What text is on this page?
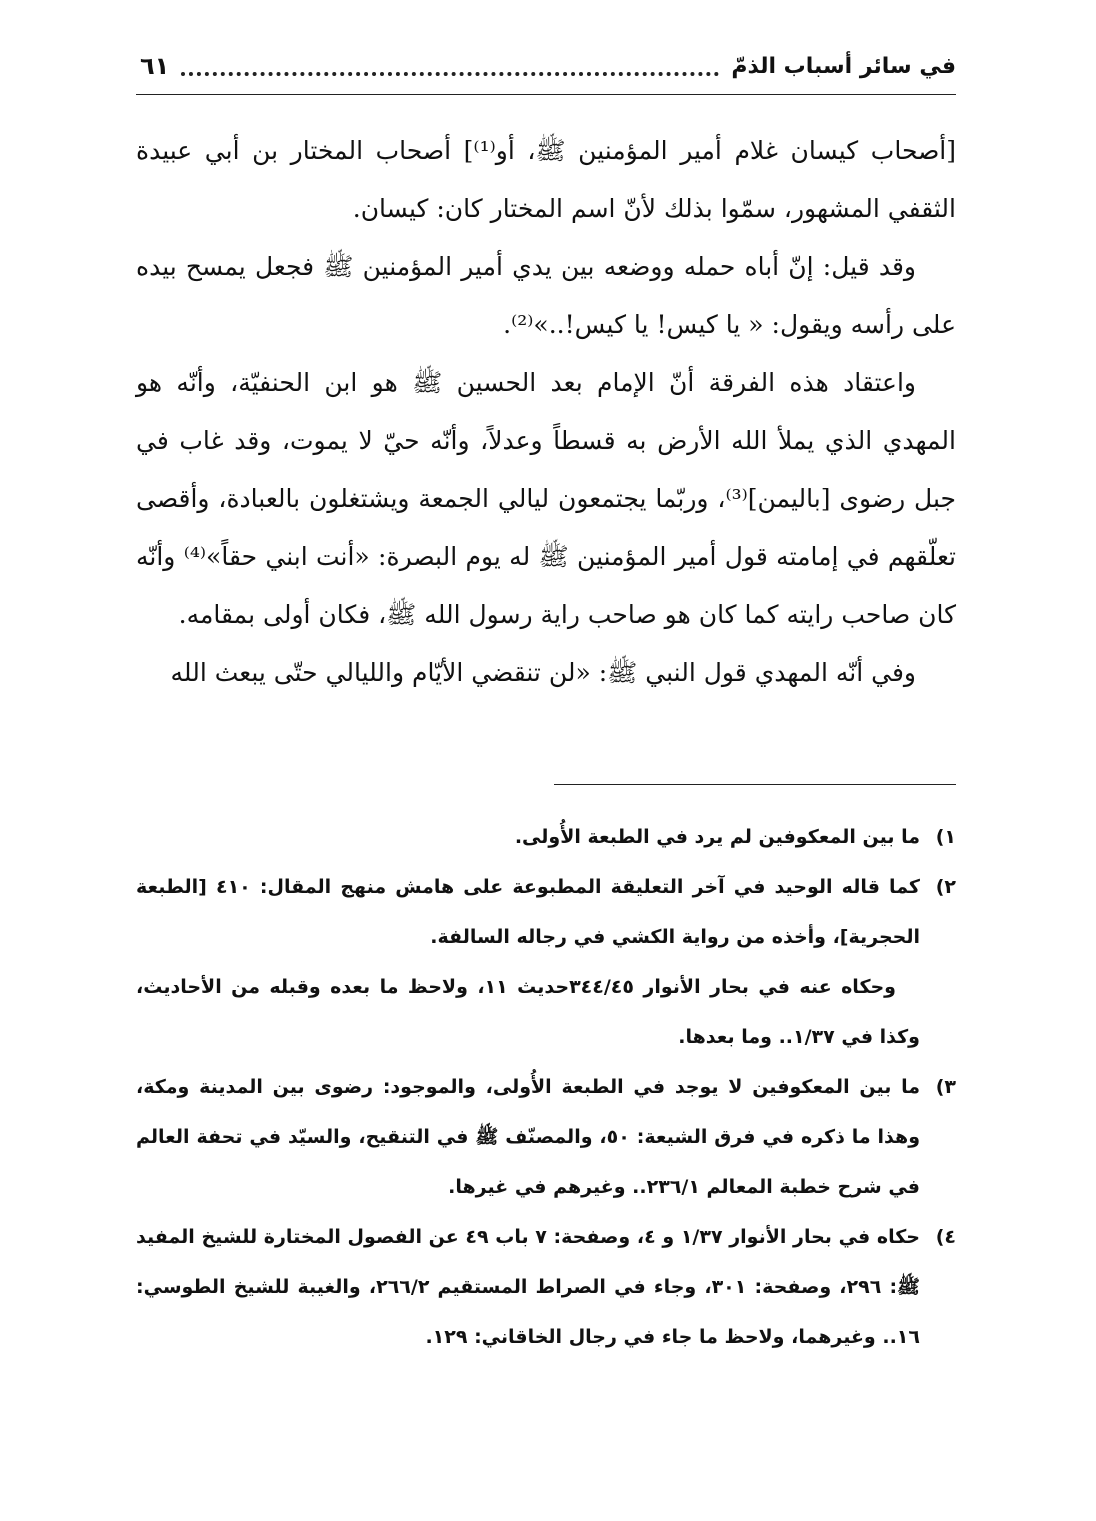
في سائر أسباب الذمّ
٦١

[أصحاب كيسان غلام أمير المؤمنين ﷺ، أو⁽¹⁾] أصحاب المختار بن أبي عبيدة الثقفي المشهور، سمّوا بذلك لأنّ اسم المختار كان: كيسان.

وقد قيل: إنّ أباه حمله ووضعه بين يدي أمير المؤمنين ﷺ فجعل يمسح بيده على رأسه ويقول: « يا كيس! يا كيس!..»⁽²⁾.

واعتقاد هذه الفرقة أنّ الإمام بعد الحسين ﷺ هو ابن الحنفيّة، وأنّه هو المهدي الذي يملأ الله الأرض به قسطاً وعدلاً، وأنّه حيّ لا يموت، وقد غاب في جبل رضوى [باليمن]⁽³⁾، وربّما يجتمعون ليالي الجمعة ويشتغلون بالعبادة، وأقصى تعلّقهم في إمامته قول أمير المؤمنين ﷺ له يوم البصرة: «أنت ابني حقاً»⁽⁴⁾ وأنّه كان صاحب رايته كما كان هو صاحب راية رسول الله ﷺ، فكان أولى بمقامه.

وفي أنّه المهدي قول النبي ﷺ: «لن تنقضي الأيّام والليالي حتّى يبعث الله

١)

ما بين المعكوفين لم يرد في الطبعة الأُولى.

٢)

كما قاله الوحيد في آخر التعليقة المطبوعة على هامش منهج المقال: ٤١٠ [الطبعة الحجرية]، وأخذه من رواية الكشي في رجاله السالفة.

وحكاه عنه في بحار الأنوار ٣٤٤/٤٥حديث ١١، ولاحظ ما بعده وقبله من الأحاديث، وكذا في ١/٣٧.. وما بعدها.

٣)

ما بين المعكوفين لا يوجد في الطبعة الأُولى، والموجود: رضوى بين المدينة ومكة، وهذا ما ذكره في فرق الشيعة: ٥٠، والمصنّف ﷺ في التنقيح، والسيّد في تحفة العالم في شرح خطبة المعالم ٢٣٦/١.. وغيرهم في غيرها.

٤)

حكاه في بحار الأنوار ١/٣٧ و ٤، وصفحة: ٧ باب ٤٩ عن الفصول المختارة للشيخ المفيد ﷺ: ٢٩٦، وصفحة: ٣٠١، وجاء في الصراط المستقيم ٢٦٦/٢، والغيبة للشيخ الطوسي: ١٦.. وغيرهما، ولاحظ ما جاء في رجال الخاقاني: ١٢٩.
